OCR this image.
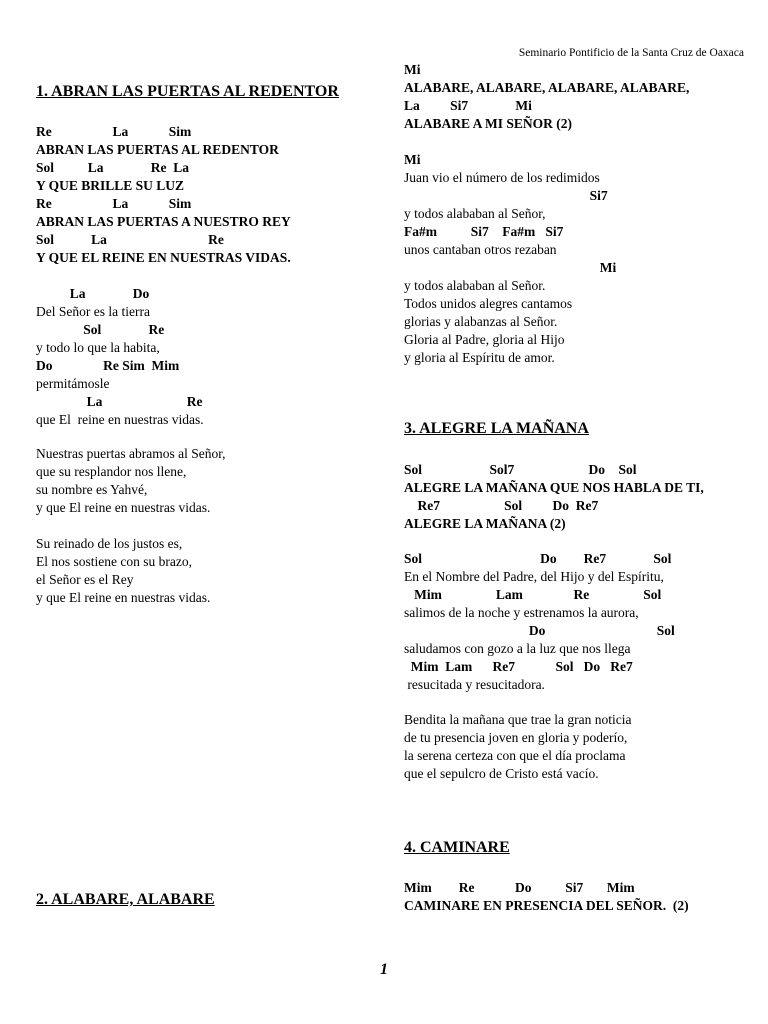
Seminario Pontificio de la Santa Cruz de Oaxaca
1. ABRAN LAS PUERTAS AL REDENTOR
Re                  La            Sim
ABRAN LAS PUERTAS AL REDENTOR
Sol          La              Re  La
Y QUE BRILLE SU LUZ
Re                  La            Sim
ABRAN LAS PUERTAS A NUESTRO REY
Sol           La                              Re
Y QUE EL REINE EN NUESTRAS VIDAS.
La              Do
Del Señor es la tierra
Sol              Re
y todo lo que la habita,
Do               Re Sim  Mim
permitámosle
La                         Re
que El  reine en nuestras vidas.
Nuestras puertas abramos al Señor,
que su resplandor nos llene,
su nombre es Yahvé,
y que El reine en nuestras vidas.
Su reinado de los justos es,
El nos sostiene con su brazo,
el Señor es el Rey
y que El reine en nuestras vidas.
2. ALABARE, ALABARE
Mi
ALABARE, ALABARE, ALABARE, ALABARE,
La         Si7              Mi
ALABARE A MI SEÑOR (2)
Mi
Juan vio el número de los redimidos
Si7
y todos alababan al Señor,
Fa#m          Si7    Fa#m   Si7
unos cantaban otros rezaban
Mi
y todos alababan al Señor.
Todos unidos alegres cantamos
glorias y alabanzas al Señor.
Gloria al Padre, gloria al Hijo
y gloria al Espíritu de amor.
3. ALEGRE LA MAÑANA
Sol                    Sol7                      Do    Sol
ALEGRE LA MAÑANA QUE NOS HABLA DE TI,
Re7                   Sol         Do  Re7
ALEGRE LA MAÑANA (2)
Sol                                   Do        Re7              Sol
En el Nombre del Padre, del Hijo y del Espíritu,
Mim                Lam               Re                Sol
salimos de la noche y estrenamos la aurora,
Do                                 Sol
saludamos con gozo a la luz que nos llega
Mim  Lam      Re7            Sol   Do   Re7
resucitada y resucitadora.
Bendita la mañana que trae la gran noticia
de tu presencia joven en gloria y poderío,
la serena certeza con que el día proclama
que el sepulcro de Cristo está vacío.
4. CAMINARE
Mim        Re            Do          Si7       Mim
CAMINARE EN PRESENCIA DEL SEÑOR.  (2)
1
